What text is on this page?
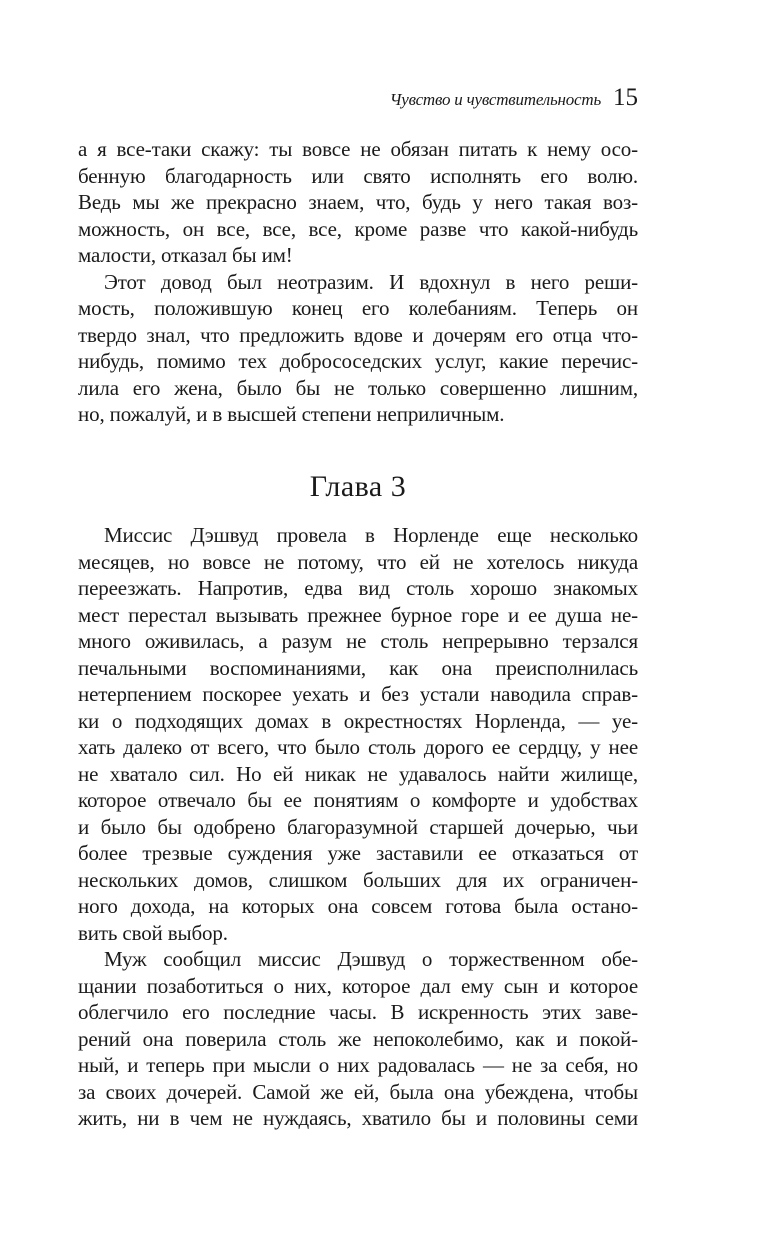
Чувство и чувствительность 15
а я все-таки скажу: ты вовсе не обязан питать к нему осо-
бенную благодарность или свято исполнять его волю.
Ведь мы же прекрасно знаем, что, будь у него такая воз-
можность, он все, все, все, кроме разве что какой-нибудь
малости, отказал бы им!
Этот довод был неотразим. И вдохнул в него реши-
мость, положившую конец его колебаниям. Теперь он
твердо знал, что предложить вдове и дочерям его отца что-
нибудь, помимо тех добрососедских услуг, какие перечис-
лила его жена, было бы не только совершенно лишним,
но, пожалуй, и в высшей степени неприличным.
Глава 3
Миссис Дэшвуд провела в Норленде еще несколько
месяцев, но вовсе не потому, что ей не хотелось никуда
переезжать. Напротив, едва вид столь хорошо знакомых
мест перестал вызывать прежнее бурное горе и ее душа не-
много оживилась, а разум не столь непрерывно терзался
печальными воспоминаниями, как она преисполнилась
нетерпением поскорее уехать и без устали наводила справ-
ки о подходящих домах в окрестностях Норленда, — уе-
хать далеко от всего, что было столь дорого ее сердцу, у нее
не хватало сил. Но ей никак не удавалось найти жилище,
которое отвечало бы ее понятиям о комфорте и удобствах
и было бы одобрено благоразумной старшей дочерью, чьи
более трезвые суждения уже заставили ее отказаться от
нескольких домов, слишком больших для их ограничен-
ного дохода, на которых она совсем готова была остано-
вить свой выбор.
Муж сообщил миссис Дэшвуд о торжественном обе-
щании позаботиться о них, которое дал ему сын и которое
облегчило его последние часы. В искренность этих заве-
рений она поверила столь же непоколебимо, как и покой-
ный, и теперь при мысли о них радовалась — не за себя, но
за своих дочерей. Самой же ей, была она убеждена, чтобы
жить, ни в чем не нуждаясь, хватило бы и половины семи
